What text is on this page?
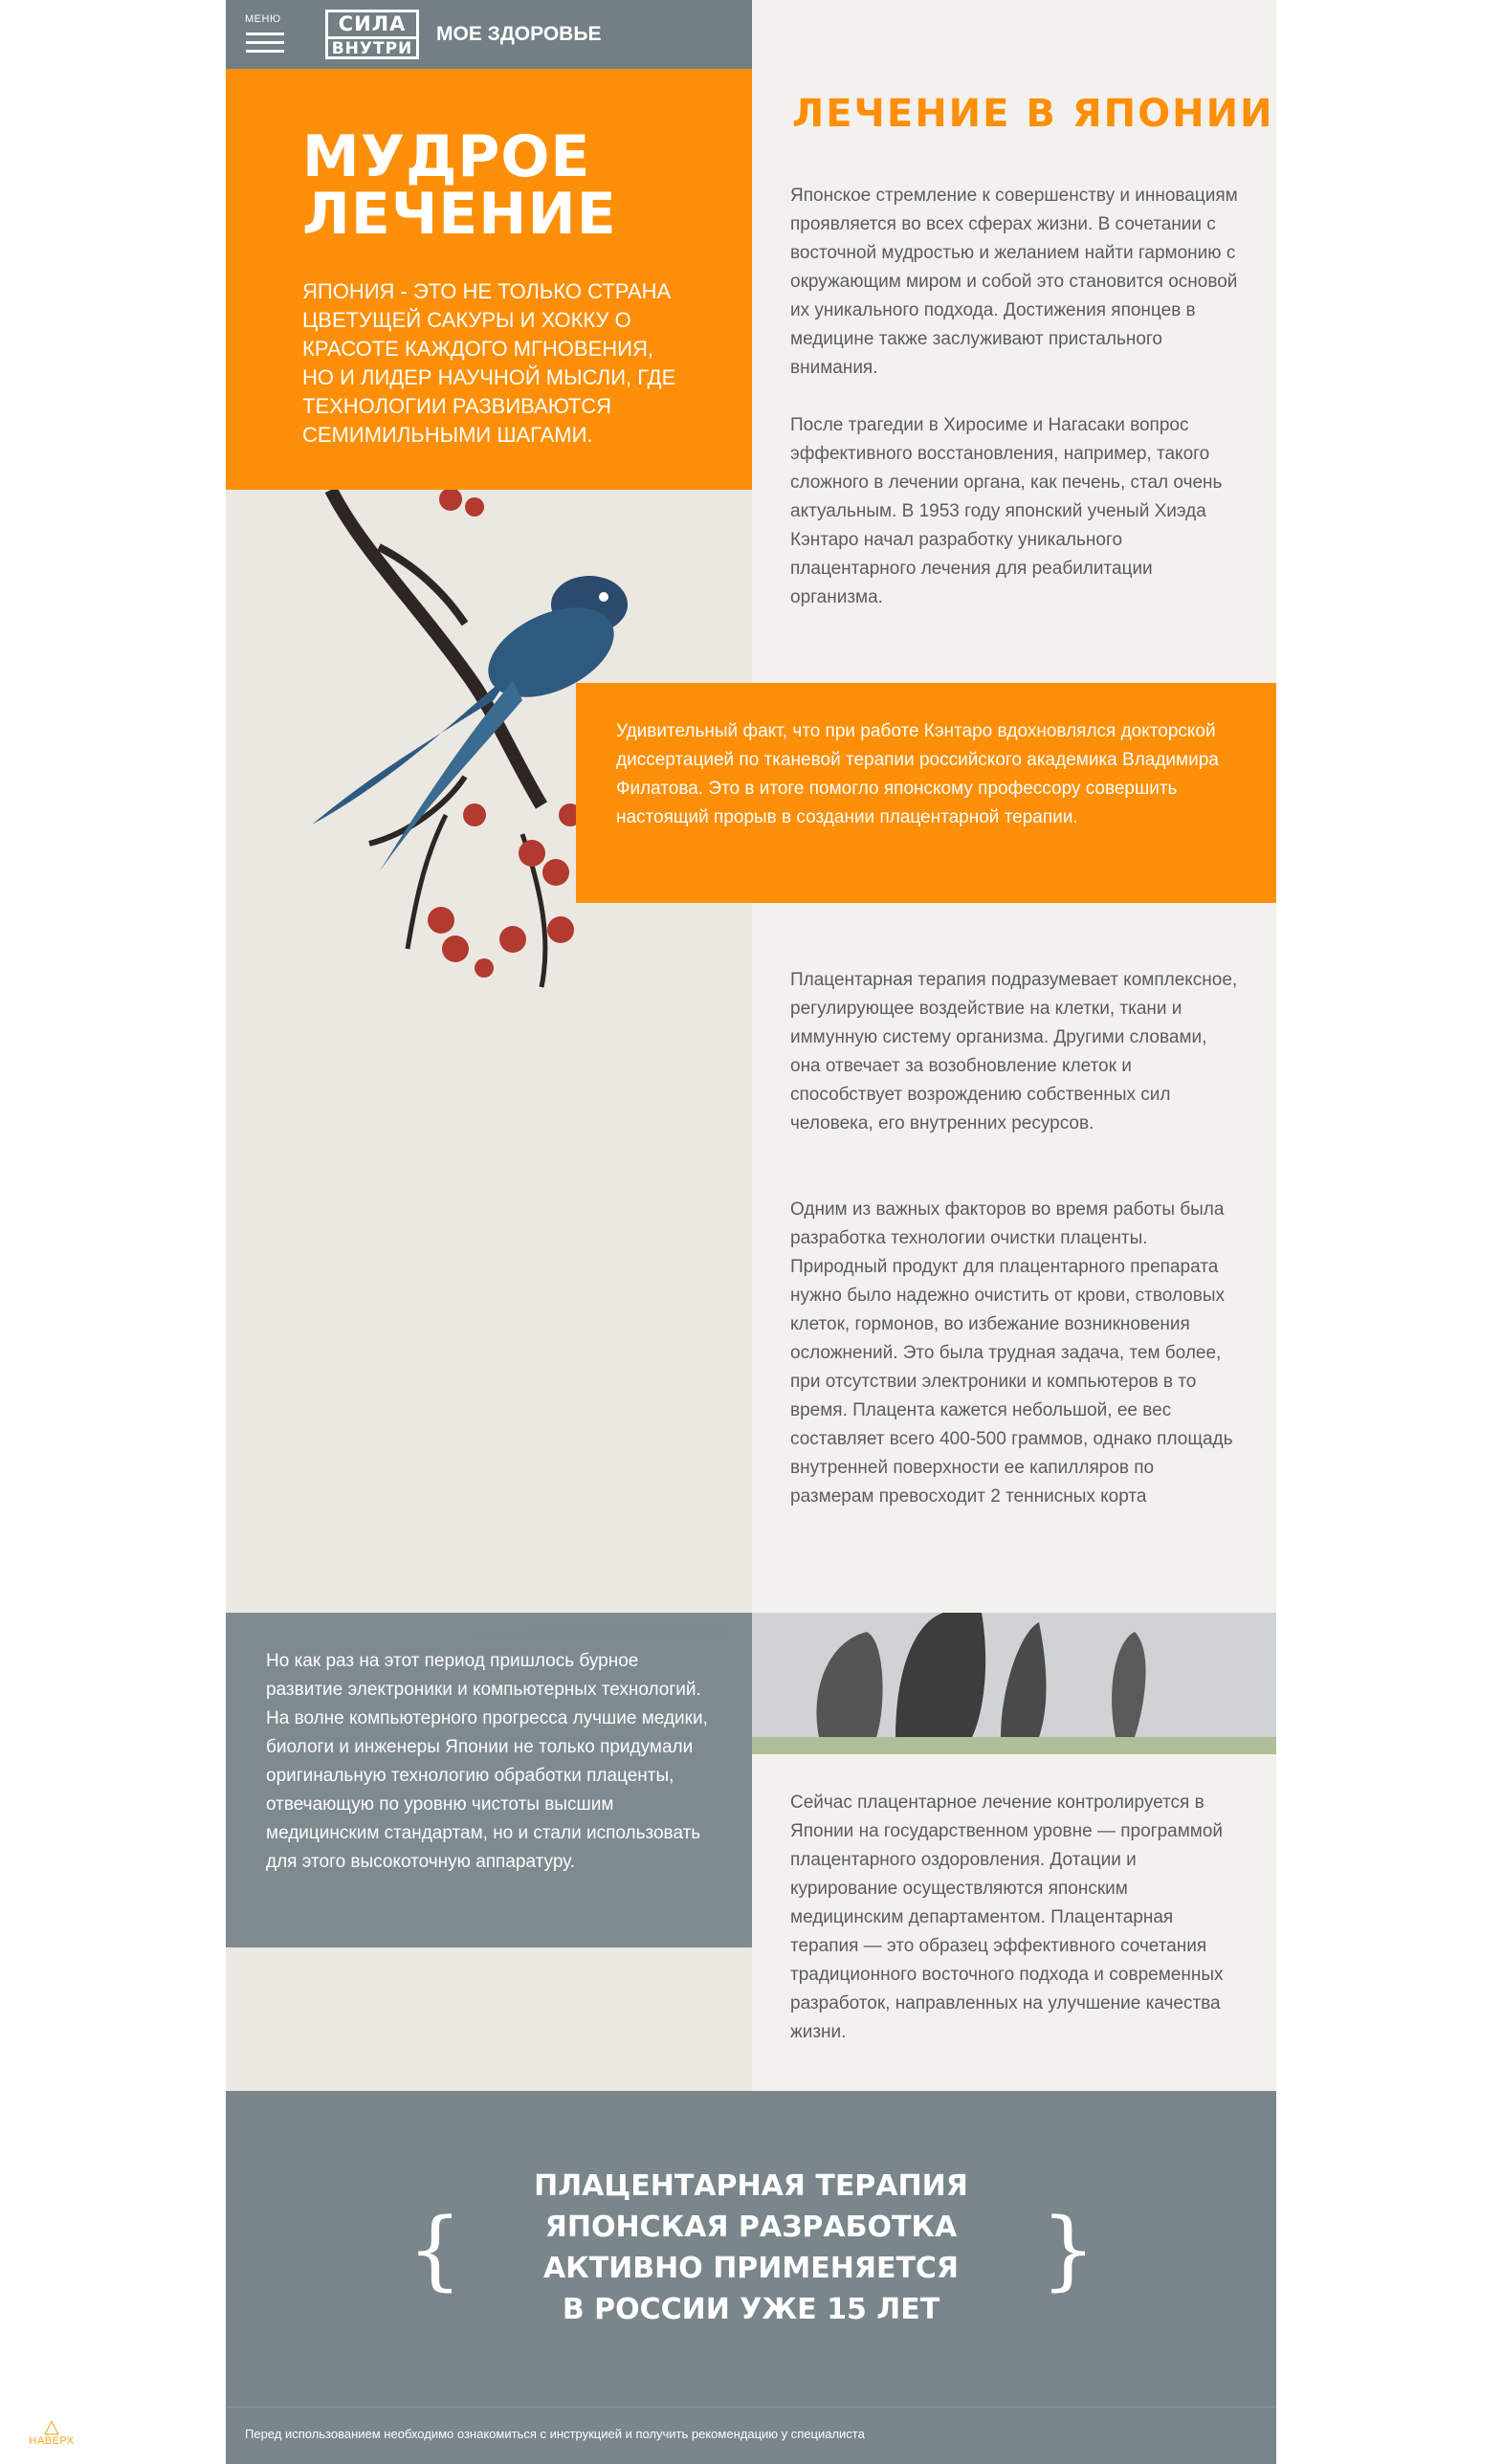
МЕНЮ	СИЛА
ВНУТРИ
МОЕ ЗДОРОВЬЕ
МУДРОЕ
ЛЕЧЕНИЕ
ЯПОНИЯ - ЭТО НЕ ТОЛЬКО СТРАНА ЦВЕТУЩЕЙ САКУРЫ И ХОККУ О КРАСОТЕ КАЖДОГО МГНОВЕНИЯ, НО И ЛИДЕР НАУЧНОЙ МЫСЛИ, ГДЕ ТЕХНОЛОГИИ РАЗВИВАЮТСЯ СЕМИМИЛЬНЫМИ ШАГАМИ.
ЛЕЧЕНИЕ В ЯПОНИИ

Японское стремление к совершенству и инновациям проявляется во всех сферах жизни. В сочетании с восточной мудростью и желанием найти гармонию с окружающим миром и собой это становится основой их уникального подхода. Достижения японцев в медицине также заслуживают пристального внимания.

После трагедии в Хиросиме и Нагасаки вопрос эффективного восстановления, например, такого сложного в лечении органа, как печень, стал очень актуальным. В 1953 году японский ученый Хиэда Кэнтаро начал разработку уникального плацентарного лечения для реабилитации организма.

Удивительный факт, что при работе Кэнтаро вдохновлялся докторской диссертацией по тканевой терапии российского академика Владимира Филатова. Это в итоге помогло японскому профессору совершить настоящий прорыв в создании плацентарной терапии.

Плацентарная терапия подразумевает комплексное, регулирующее воздействие на клетки, ткани и иммунную систему организма. Другими словами, она отвечает за возобновление клеток и способствует возрождению собственных сил человека, его внутренних ресурсов.

Одним из важных факторов во время работы была разработка технологии очистки плаценты. Природный продукт для плацентарного препарата нужно было надежно очистить от крови, стволовых клеток, гормонов, во избежание возникновения осложнений. Это была трудная задача, тем более, при отсутствии электроники и компьютеров в то время. Плацента кажется небольшой, ее вес составляет всего 400-500 граммов, однако площадь внутренней поверхности ее капилляров по размерам превосходит 2 теннисных корта

Но как раз на этот период пришлось бурное развитие электроники и компьютерных технологий. На волне компьютерного прогресса лучшие медики, биологи и инженеры Японии не только придумали оригинальную технологию обработки плаценты, отвечающую по уровню чистоты высшим медицинским стандартам, но и стали использовать для этого высокоточную аппаратуру.

Сейчас плацентарное лечение контролируется в Японии на государственном уровне — программой плацентарного оздоровления. Дотации и курирование осуществляются японским медицинским департаментом. Плацентарная терапия — это образец эффективного сочетания традиционного восточного подхода и современных разработок, направленных на улучшение качества жизни.

{	}
ПЛАЦЕНТАРНАЯ ТЕРАПИЯ
ЯПОНСКАЯ РАЗРАБОТКА
АКТИВНО ПРИМЕНЯЕТСЯ
В РОССИИ УЖЕ 15 ЛЕТ
Перед использованием необходимо ознакомиться с инструкцией и получить рекомендацию у специалиста
△
НАВЕРХ
